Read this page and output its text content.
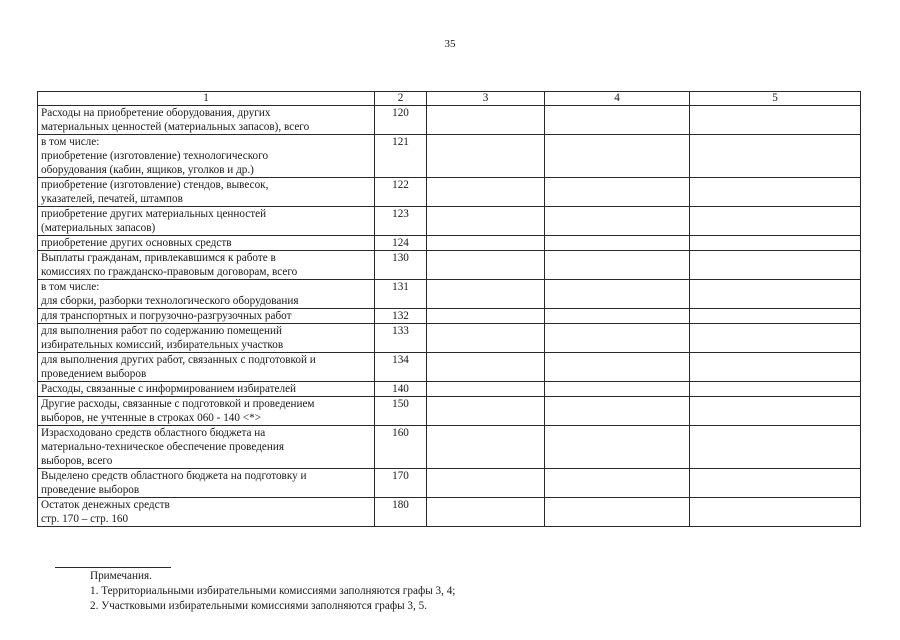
35
1	2	3	4	5

Расходы на приобретение оборудования, других
материальных ценностей (материальных запасов), всего	120			

в том числе:
приобретение (изготовление) технологического
оборудования (кабин, ящиков, уголков и др.)	121			

приобретение (изготовление) стендов, вывесок,
указателей, печатей, штампов	122			

приобретение других материальных ценностей
(материальных запасов)	123			

приобретение других основных средств	124			

Выплаты гражданам, привлекавшимся к работе в
комиссиях по гражданско-правовым договорам, всего	130			

в том числе:
для сборки, разборки технологического оборудования	131			

для транспортных и погрузочно-разгрузочных работ	132			

для выполнения работ по содержанию помещений
избирательных комиссий, избирательных участков	133			

для выполнения других работ, связанных с подготовкой и
проведением выборов	134			

Расходы, связанные с информированием избирателей	140			

Другие расходы, связанные с подготовкой и проведением
выборов, не учтенные в строках 060 - 140 <*>	150			

Израсходовано средств областного бюджета на
материально-техническое обеспечение проведения
выборов, всего	160			

Выделено средств областного бюджета на подготовку и
проведение выборов	170			

Остаток денежных средств
стр. 170 – стр. 160	180			
Примечания.
1. Территориальными избирательными комиссиями заполняются графы 3, 4;
2. Участковыми избирательными комиссиями заполняются графы 3, 5.
